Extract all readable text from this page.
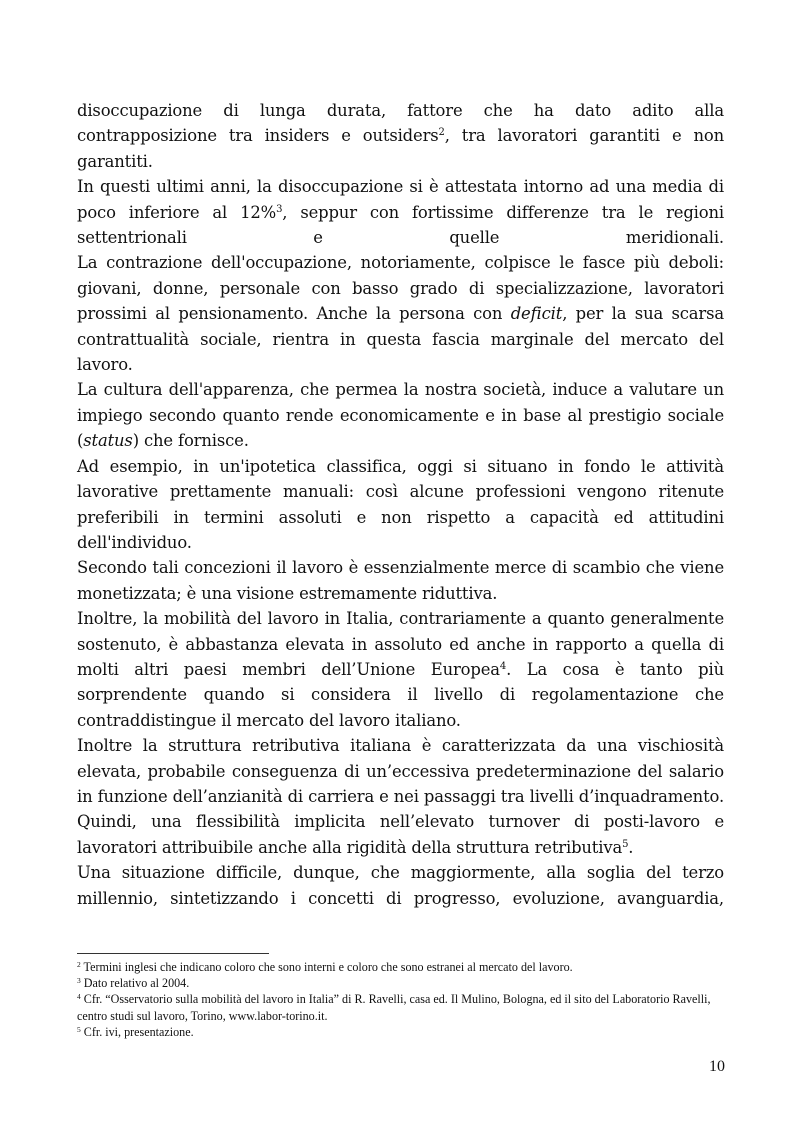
disoccupazione di lunga durata, fattore che ha dato adito alla contrapposizione tra insiders e outsiders$^2$, tra lavoratori garantiti e non garantiti.

In questi ultimi anni, la disoccupazione si è attestata intorno ad una media di poco inferiore al 12%$^3$, seppur con fortissime differenze tra le regioni settentrionali e quelle meridionali.

La contrazione dell'occupazione, notoriamente, colpisce le fasce più deboli: giovani, donne, personale con basso grado di specializzazione, lavoratori prossimi al pensionamento. Anche la persona con deficit, per la sua scarsa contrattualità sociale, rientra in questa fascia marginale del mercato del lavoro.

La cultura dell'apparenza, che permea la nostra società, induce a valutare un impiego secondo quanto rende economicamente e in base al prestigio sociale (status) che fornisce.

Ad esempio, in un'ipotetica classifica, oggi si situano in fondo le attività lavorative prettamente manuali: così alcune professioni vengono ritenute preferibili in termini assoluti e non rispetto a capacità ed attitudini dell'individuo.

Secondo tali concezioni il lavoro è essenzialmente merce di scambio che viene monetizzata; è una visione estremamente riduttiva.

Inoltre, la mobilità del lavoro in Italia, contrariamente a quanto generalmente sostenuto, è abbastanza elevata in assoluto ed anche in rapporto a quella di molti altri paesi membri dell’Unione Europea$^4$. La cosa è tanto più sorprendente quando si considera il livello di regolamentazione che contraddistingue il mercato del lavoro italiano.

Inoltre la struttura retributiva italiana è caratterizzata da una vischiosità elevata, probabile conseguenza di un’eccessiva predeterminazione del salario in funzione dell’anzianità di carriera e nei passaggi tra livelli d’inquadramento. Quindi, una flessibilità implicita nell’elevato turnover di posti-lavoro e lavoratori attribuibile anche alla rigidità della struttura retributiva$^5$.

Una situazione difficile, dunque, che maggiormente, alla soglia del terzo millennio, sintetizzando i concetti di progresso, evoluzione, avanguardia,

$^2$ Termini inglesi che indicano coloro che sono interni e coloro che sono estranei al mercato del lavoro.

$^3$ Dato relativo al 2004.

$^4$ Cfr. “Osservatorio sulla mobilità del lavoro in Italia” di R. Ravelli, casa ed. Il Mulino, Bologna, ed il sito del Laboratorio Ravelli, centro studi sul lavoro, Torino, www.labor-torino.it.

$^5$ Cfr. ivi, presentazione.

10
